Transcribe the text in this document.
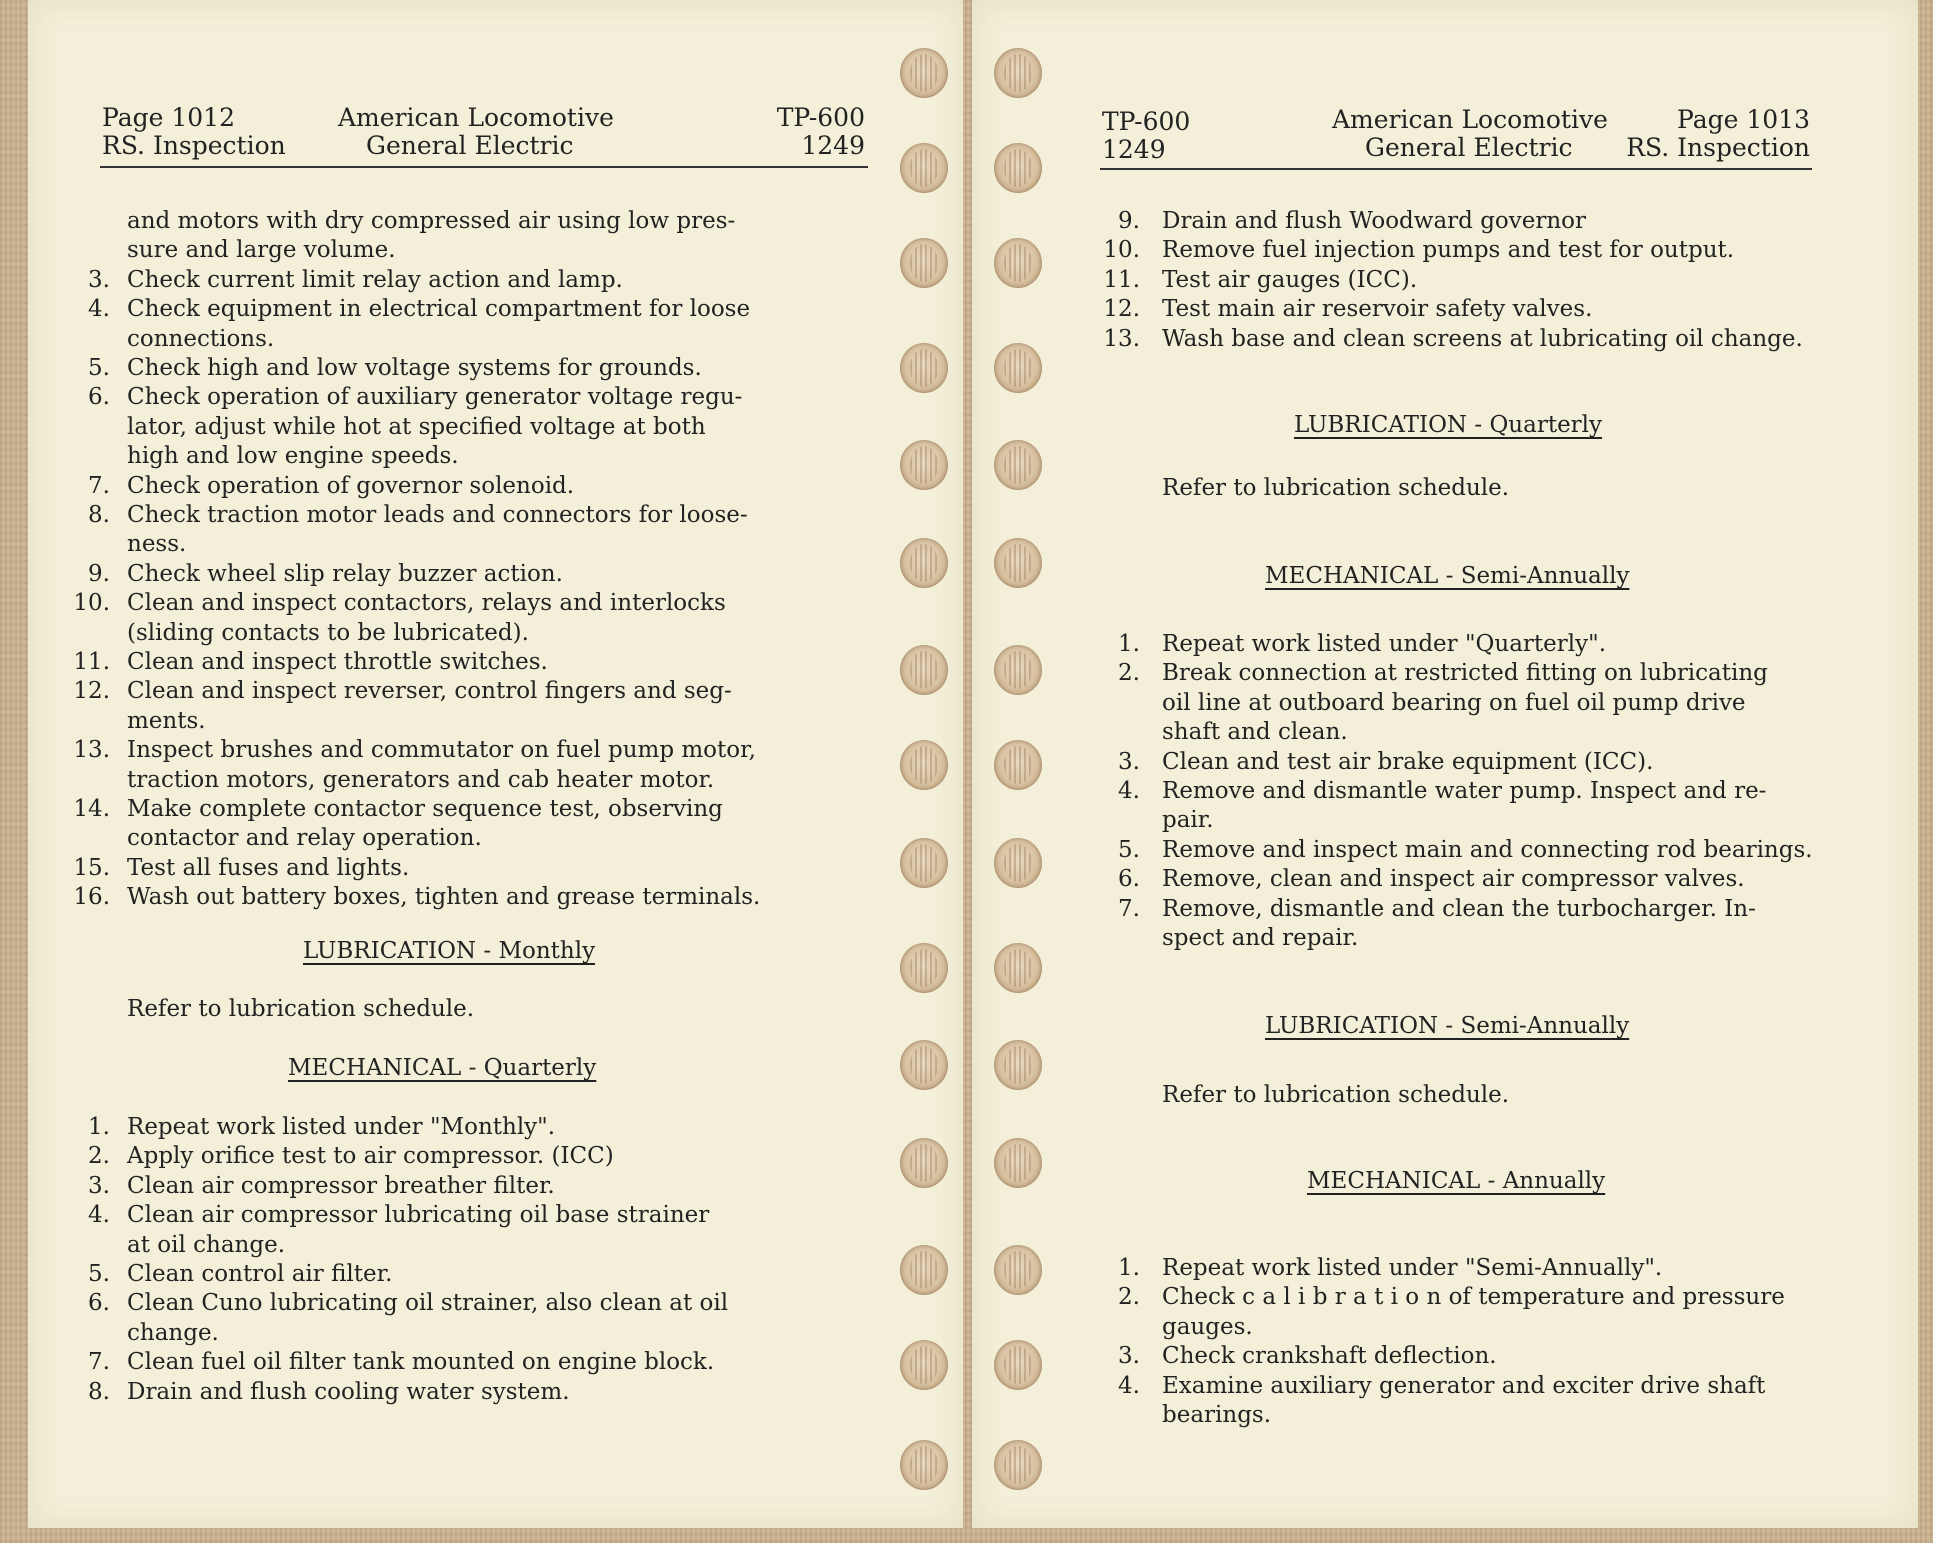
Page 1012
RS. Inspection
American Locomotive
General Electric
TP-600
1249
and motors with dry compressed air using low pres-
sure and large volume.
3. Check current limit relay action and lamp.
4. Check equipment in electrical compartment for loose
connections.
5. Check high and low voltage systems for grounds.
6. Check operation of auxiliary generator voltage regu-
lator, adjust while hot at specified voltage at both
high and low engine speeds.
7. Check operation of governor solenoid.
8. Check traction motor leads and connectors for loose-
ness.
9. Check wheel slip relay buzzer action.
10. Clean and inspect contactors, relays and interlocks
(sliding contacts to be lubricated).
11. Clean and inspect throttle switches.
12. Clean and inspect reverser, control fingers and seg-
ments.
13. Inspect brushes and commutator on fuel pump motor,
traction motors, generators and cab heater motor.
14. Make complete contactor sequence test, observing
contactor and relay operation.
15. Test all fuses and lights.
16. Wash out battery boxes, tighten and grease terminals.
LUBRICATION - Monthly
Refer to lubrication schedule.
MECHANICAL - Quarterly
1. Repeat work listed under "Monthly".
2. Apply orifice test to air compressor. (ICC)
3. Clean air compressor breather filter.
4. Clean air compressor lubricating oil base strainer
at oil change.
5. Clean control air filter.
6. Clean Cuno lubricating oil strainer, also clean at oil
change.
7. Clean fuel oil filter tank mounted on engine block.
8. Drain and flush cooling water system.
TP-600
1249
American Locomotive
General Electric
Page 1013
RS. Inspection
9. Drain and flush Woodward governor
10. Remove fuel injection pumps and test for output.
11. Test air gauges (ICC).
12. Test main air reservoir safety valves.
13. Wash base and clean screens at lubricating oil change.
LUBRICATION - Quarterly
Refer to lubrication schedule.
MECHANICAL - Semi-Annually
1. Repeat work listed under "Quarterly".
2. Break connection at restricted fitting on lubricating
oil line at outboard bearing on fuel oil pump drive
shaft and clean.
3. Clean and test air brake equipment (ICC).
4. Remove and dismantle water pump. Inspect and re-
pair.
5. Remove and inspect main and connecting rod bearings.
6. Remove, clean and inspect air compressor valves.
7. Remove, dismantle and clean the turbocharger. In-
spect and repair.
LUBRICATION - Semi-Annually
Refer to lubrication schedule.
MECHANICAL - Annually
1. Repeat work listed under "Semi-Annually".
2. Check c a l i b r a t i o n of temperature and pressure
gauges.
3. Check crankshaft deflection.
4. Examine auxiliary generator and exciter drive shaft
bearings.
